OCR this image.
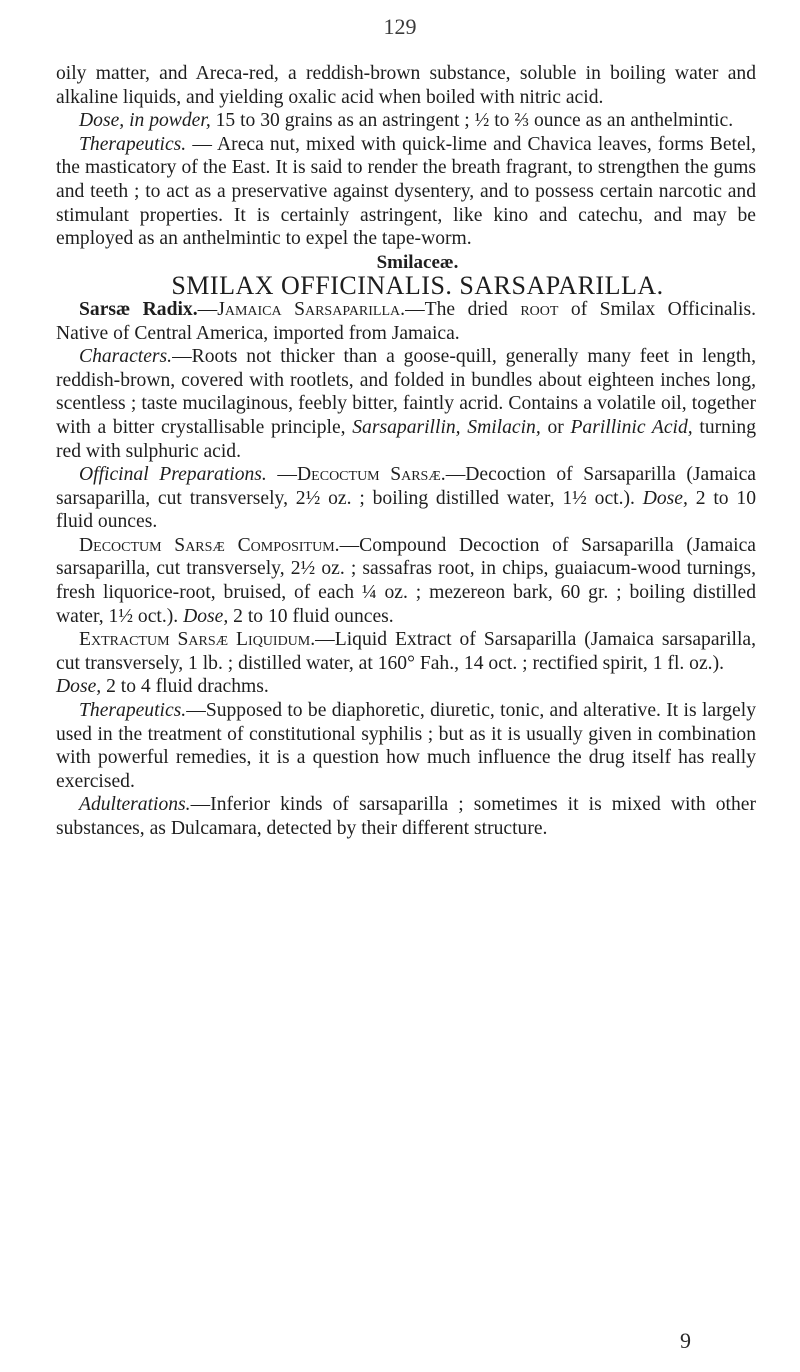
129

oily matter, and Areca-red, a reddish-brown substance, soluble in boiling water and alkaline liquids, and yielding oxalic acid when boiled with nitric acid.

Dose, in powder, 15 to 30 grains as an astringent ; ½ to ⅔ ounce as an anthelmintic.

Therapeutics. — Areca nut, mixed with quick-lime and Chavica leaves, forms Betel, the masticatory of the East. It is said to render the breath fragrant, to strengthen the gums and teeth ; to act as a preservative against dysentery, and to possess certain narcotic and stimulant properties. It is certainly astringent, like kino and catechu, and may be employed as an anthelmintic to expel the tape-worm.

Smilaceæ.

SMILAX OFFICINALIS. SARSAPARILLA.

Sarsæ Radix.—Jamaica Sarsaparilla.—The dried root of Smilax Officinalis. Native of Central America, imported from Jamaica.

Characters.—Roots not thicker than a goose-quill, generally many feet in length, reddish-brown, covered with rootlets, and folded in bundles about eighteen inches long, scentless ; taste mucilaginous, feebly bitter, faintly acrid. Contains a volatile oil, together with a bitter crystallisable principle, Sarsaparillin, Smilacin, or Parillinic Acid, turning red with sulphuric acid.

Officinal Preparations. —Decoctum Sarsæ.—Decoction of Sarsaparilla (Jamaica sarsaparilla, cut transversely, 2½ oz. ; boiling distilled water, 1½ oct.). Dose, 2 to 10 fluid ounces.

Decoctum Sarsæ Compositum.—Compound Decoction of Sarsaparilla (Jamaica sarsaparilla, cut transversely, 2½ oz. ; sassafras root, in chips, guaiacum-wood turnings, fresh liquorice-root, bruised, of each ¼ oz. ; mezereon bark, 60 gr. ; boiling distilled water, 1½ oct.). Dose, 2 to 10 fluid ounces.

Extractum Sarsæ Liquidum.—Liquid Extract of Sarsaparilla (Jamaica sarsaparilla, cut transversely, 1 lb. ; distilled water, at 160° Fah., 14 oct. ; rectified spirit, 1 fl. oz.).

Dose, 2 to 4 fluid drachms.

Therapeutics.—Supposed to be diaphoretic, diuretic, tonic, and alterative. It is largely used in the treatment of constitutional syphilis ; but as it is usually given in combination with powerful remedies, it is a question how much influence the drug itself has really exercised.

Adulterations.—Inferior kinds of sarsaparilla ; sometimes it is mixed with other substances, as Dulcamara, detected by their different structure.

9
